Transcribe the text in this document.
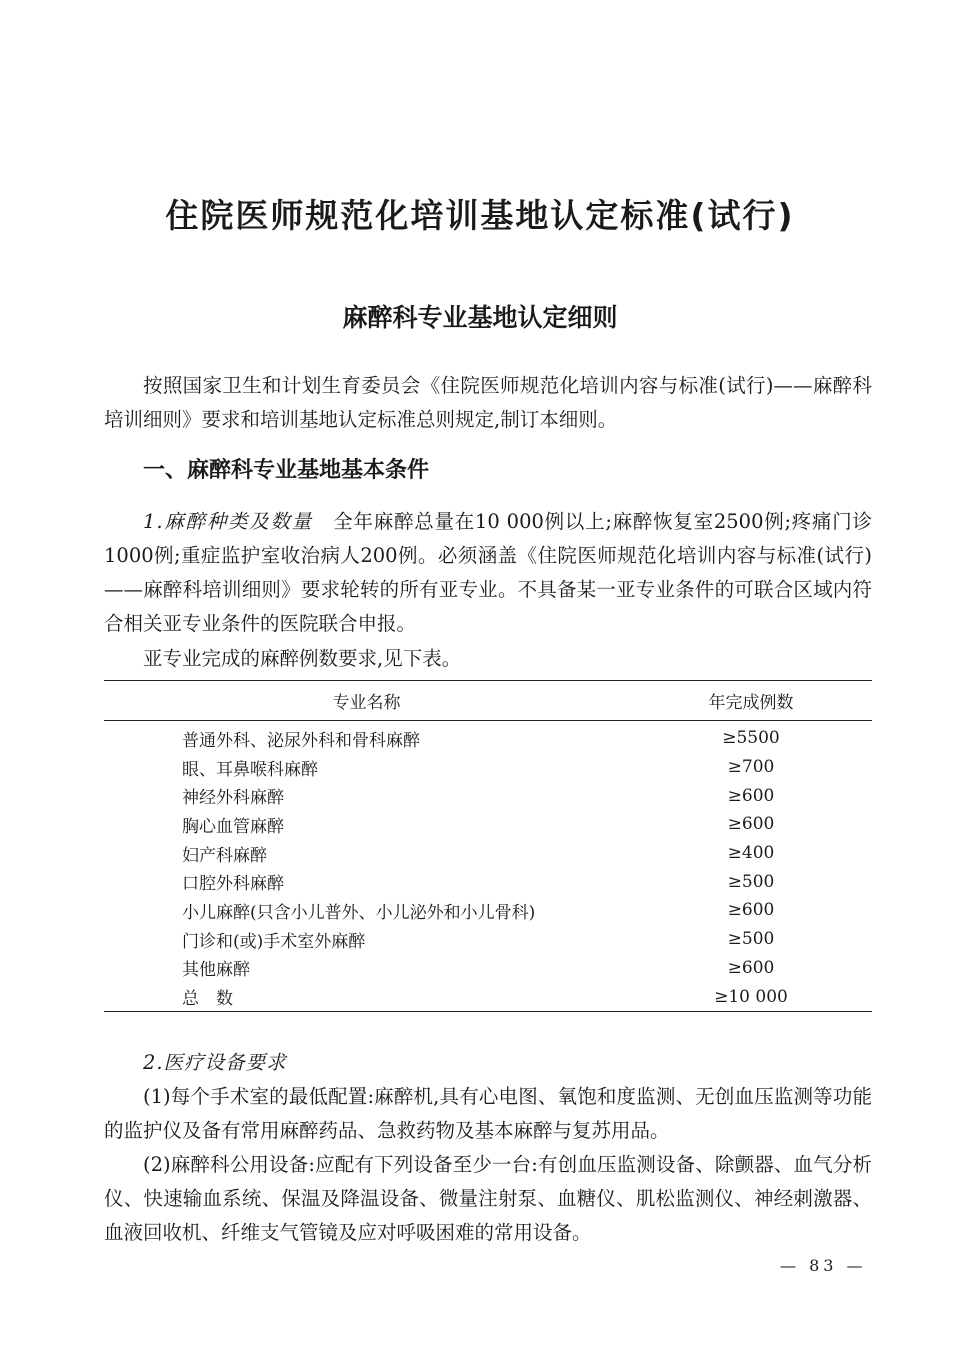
住院医师规范化培训基地认定标准(试行)
麻醉科专业基地认定细则

按照国家卫生和计划生育委员会《住院医师规范化培训内容与标准(试行)——麻醉科培训细则》要求和培训基地认定标准总则规定,制订本细则。

一、麻醉科专业基地基本条件

1.麻醉种类及数量　 全年麻醉总量在10 000例以上;麻醉恢复室2500例;疼痛门诊1000例;重症监护室收治病人200例。必须涵盖《住院医师规范化培训内容与标准(试行)——麻醉科培训细则》要求轮转的所有亚专业。不具备某一亚专业条件的可联合区域内符合相关亚专业条件的医院联合申报。

亚专业完成的麻醉例数要求,见下表。

专业名称	年完成例数
普通外科、泌尿外科和骨科麻醉	≥5500
眼、耳鼻喉科麻醉	≥700
神经外科麻醉	≥600
胸心血管麻醉	≥600
妇产科麻醉	≥400
口腔外科麻醉	≥500
小儿麻醉(只含小儿普外、小儿泌外和小儿骨科)	≥600
门诊和(或)手术室外麻醉	≥500
其他麻醉	≥600
总　数	≥10 000

2.医疗设备要求

(1)每个手术室的最低配置:麻醉机,具有心电图、氧饱和度监测、无创血压监测等功能的监护仪及备有常用麻醉药品、急救药物及基本麻醉与复苏用品。

(2)麻醉科公用设备:应配有下列设备至少一台:有创血压监测设备、除颤器、血气分析仪、快速输血系统、保温及降温设备、微量注射泵、血糖仪、肌松监测仪、神经刺激器、血液回收机、纤维支气管镜及应对呼吸困难的常用设备。

— 83 —
